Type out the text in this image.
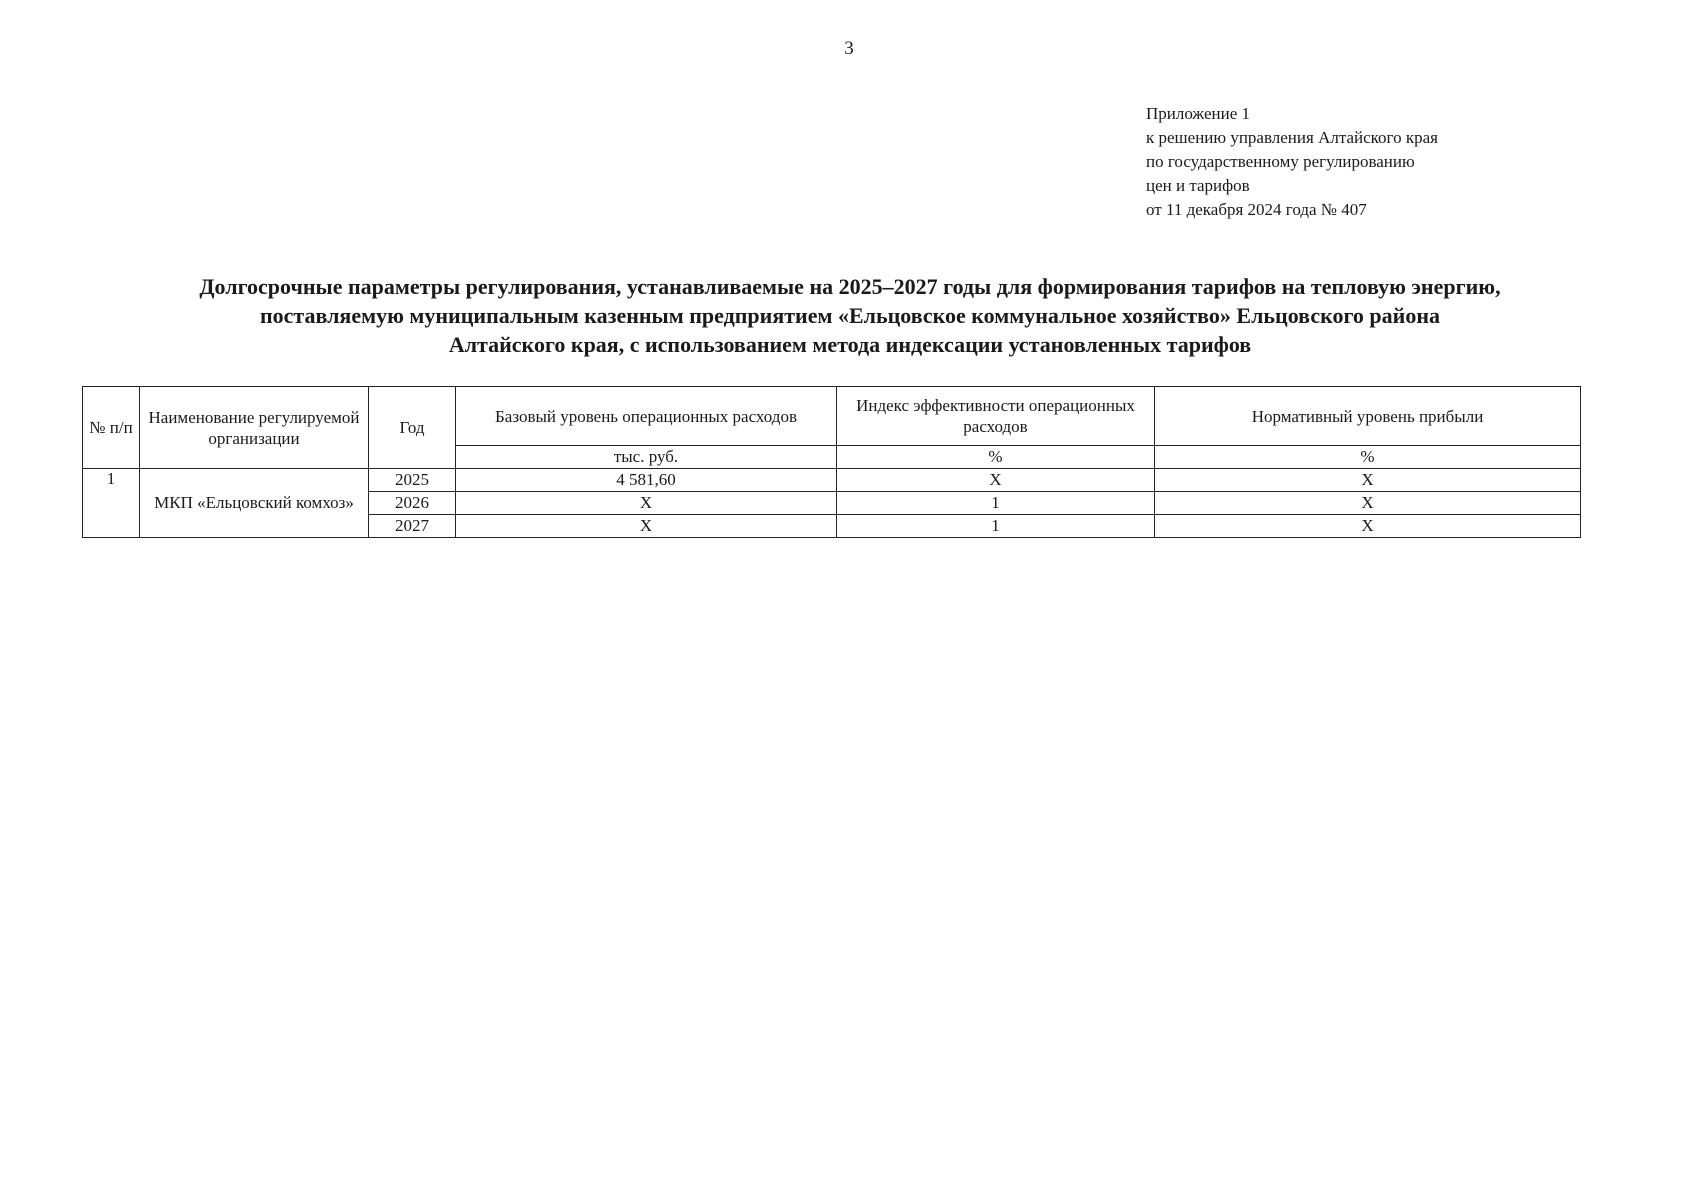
3
Приложение 1
к решению управления Алтайского края
по государственному регулированию
цен и тарифов
от 11 декабря 2024 года № 407
Долгосрочные параметры регулирования, устанавливаемые на 2025–2027 годы для формирования тарифов на тепловую энергию,
поставляемую муниципальным казенным предприятием «Ельцовское коммунальное хозяйство» Ельцовского района
Алтайского края, с использованием метода индексации установленных тарифов
№ п/п	Наименование регулируемой организации	Год	Базовый уровень операционных расходов	Индекс эффективности операционных расходов	Нормативный уровень прибыли
			тыс. руб.	%	%
1	МКП «Ельцовский комхоз»	2025	4 581,60	X	X
		2026	X	1	X
		2027	X	1	X
